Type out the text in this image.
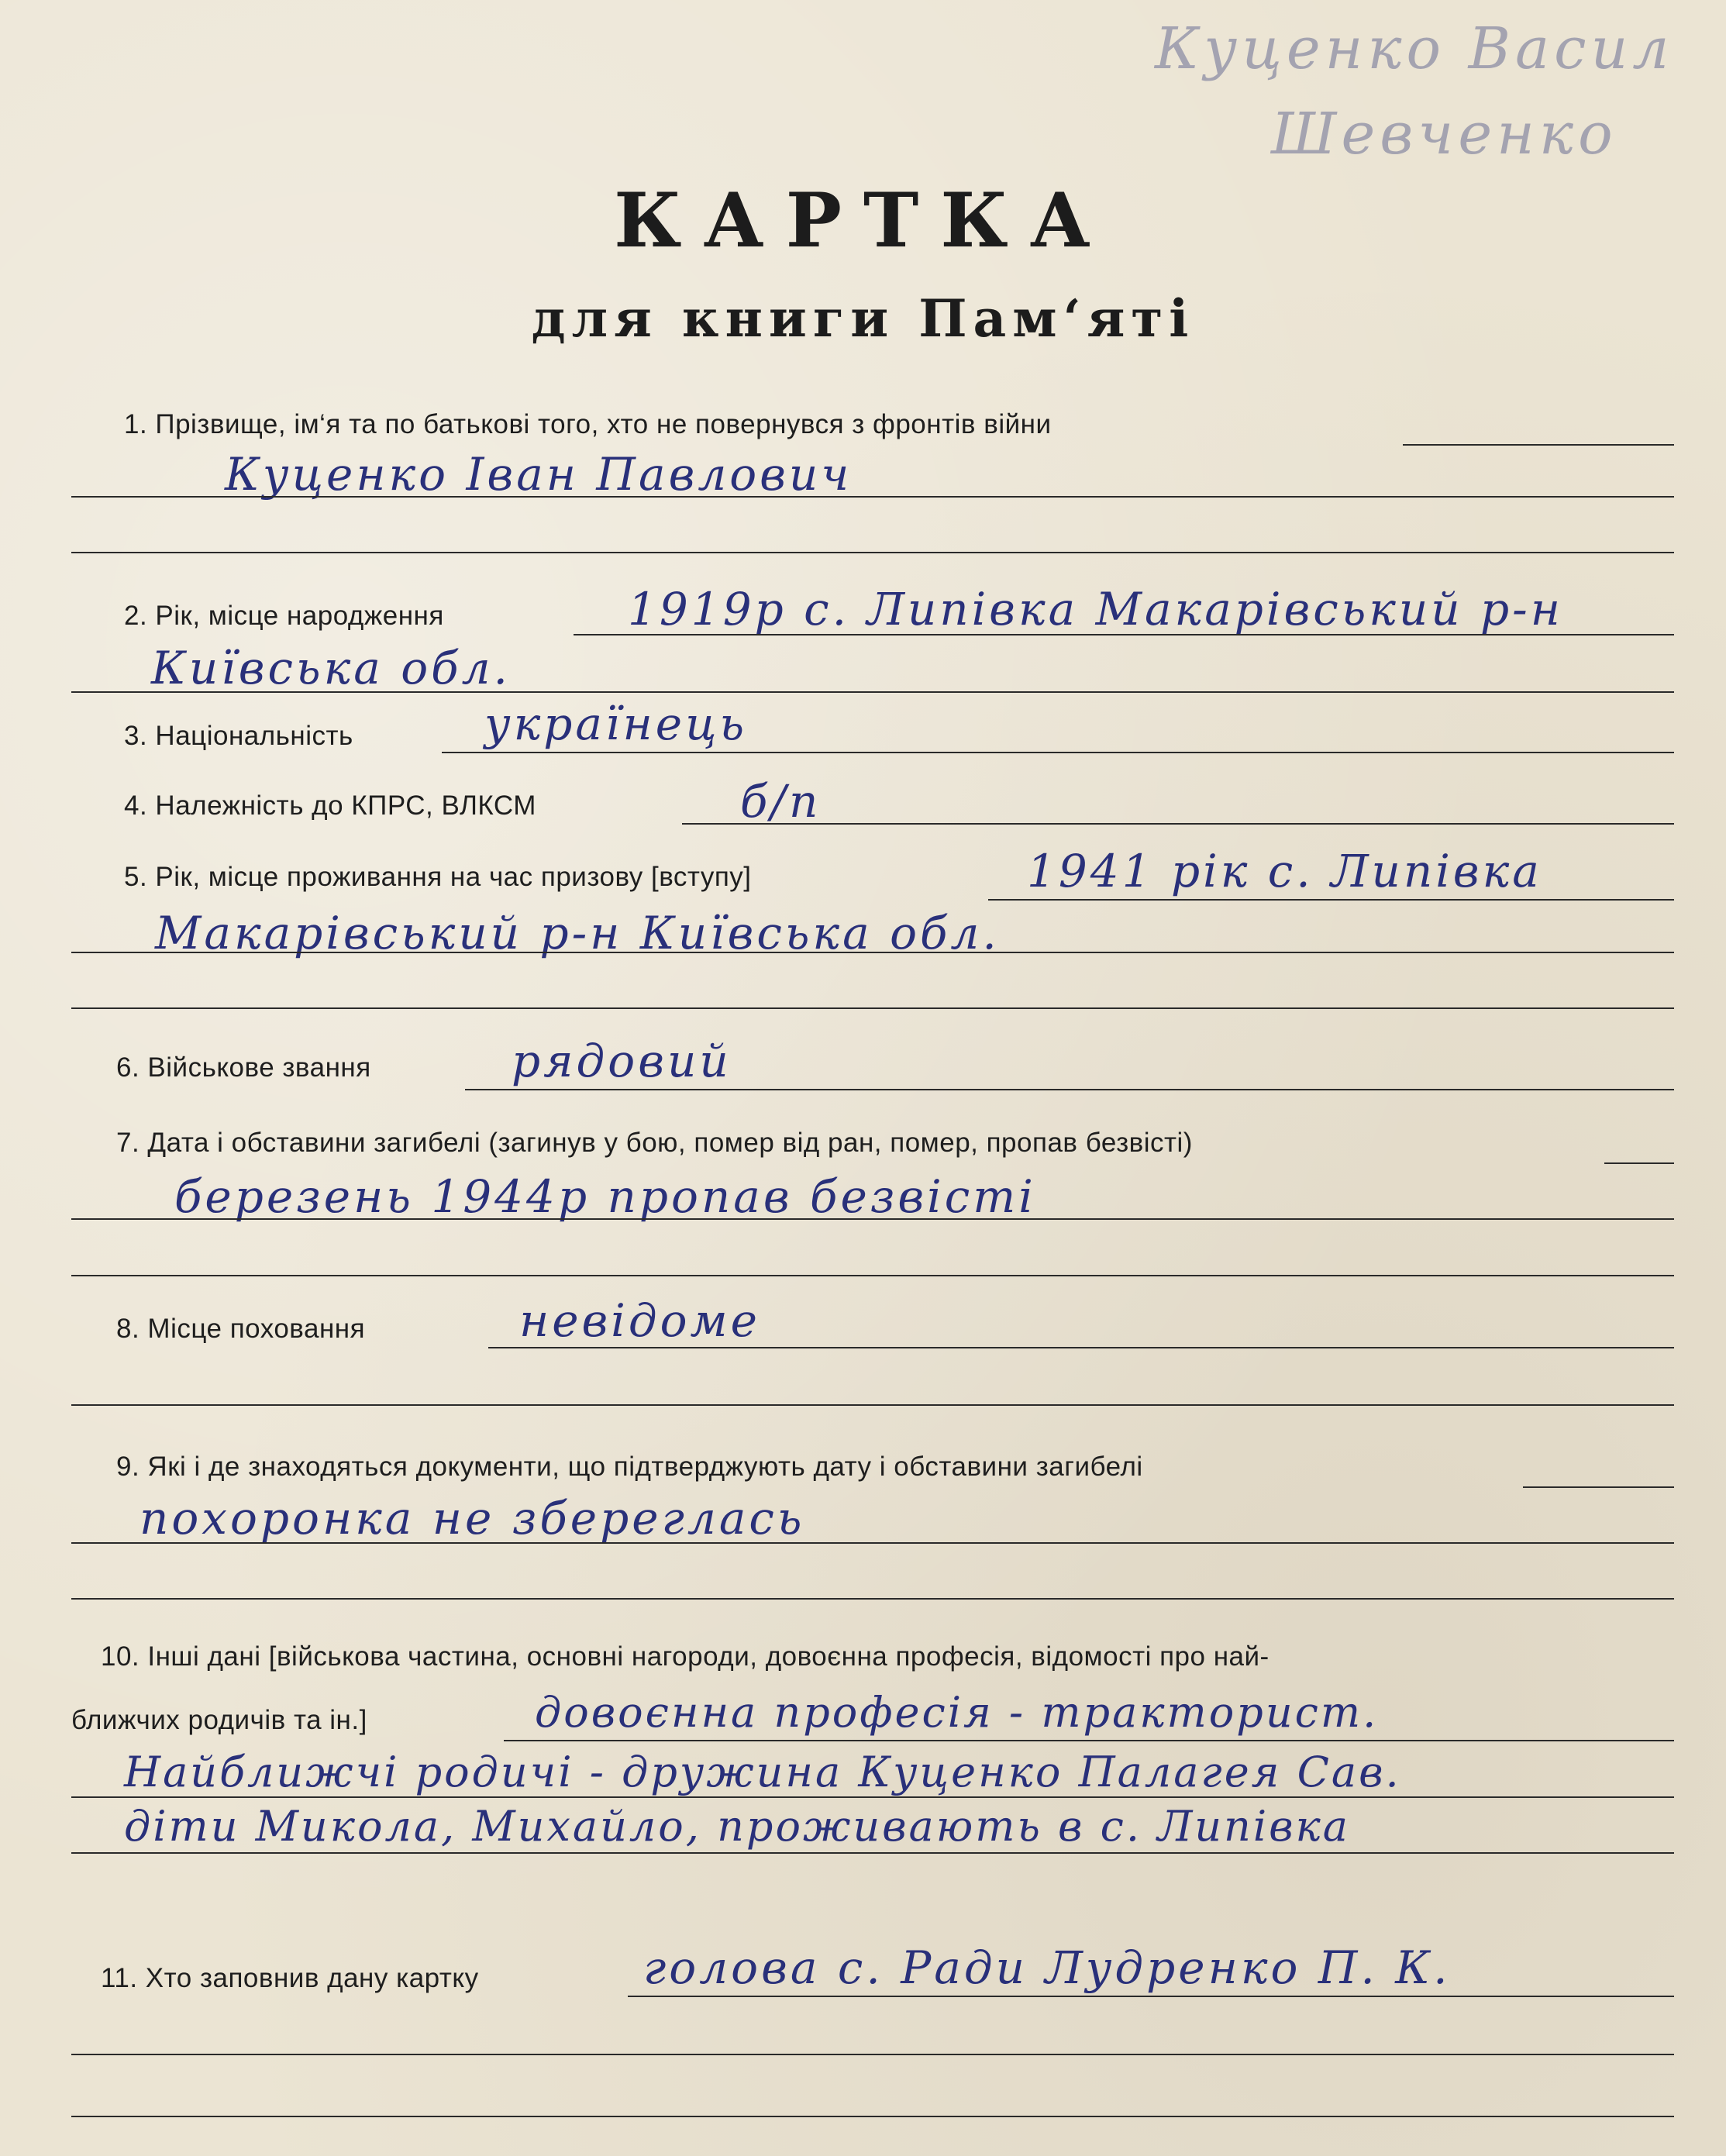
Куценко Васил
Шевченко
КАРТКА
для книги Пам‘яті
1. Прізвище, ім‘я та по батькові того, хто не повернувся з фронтів війни
Куценко Іван Павлович
2. Рік, місце народження	1919р с. Липівка Макарівський р-н
Київська обл.
3. Національність	українець
4. Належність до КПРС, ВЛКСМ	б/п
5. Рік, місце проживання на час призову [вступу]	1941 рік с. Липівка
Макарівський р-н Київська обл.
6. Військове звання	рядовий
7. Дата і обставини загибелі (загинув у бою, помер від ран, помер, пропав безвісті)
березень 1944р пропав безвісті
8. Місце поховання	невідоме
9. Які і де знаходяться документи, що підтверджують дату і обставини загибелі
похоронка не збереглась
10. Інші дані [військова частина, основні нагороди, довоєнна професія, відомості про най-
ближчих родичів та ін.]	довоєнна професія - тракторист.
Найближчі родичі - дружина Куценко Палагея Сав.
діти Микола, Михайло, проживають в с. Липівка
11. Хто заповнив дану картку	голова с. Ради Лудренко П. К.
